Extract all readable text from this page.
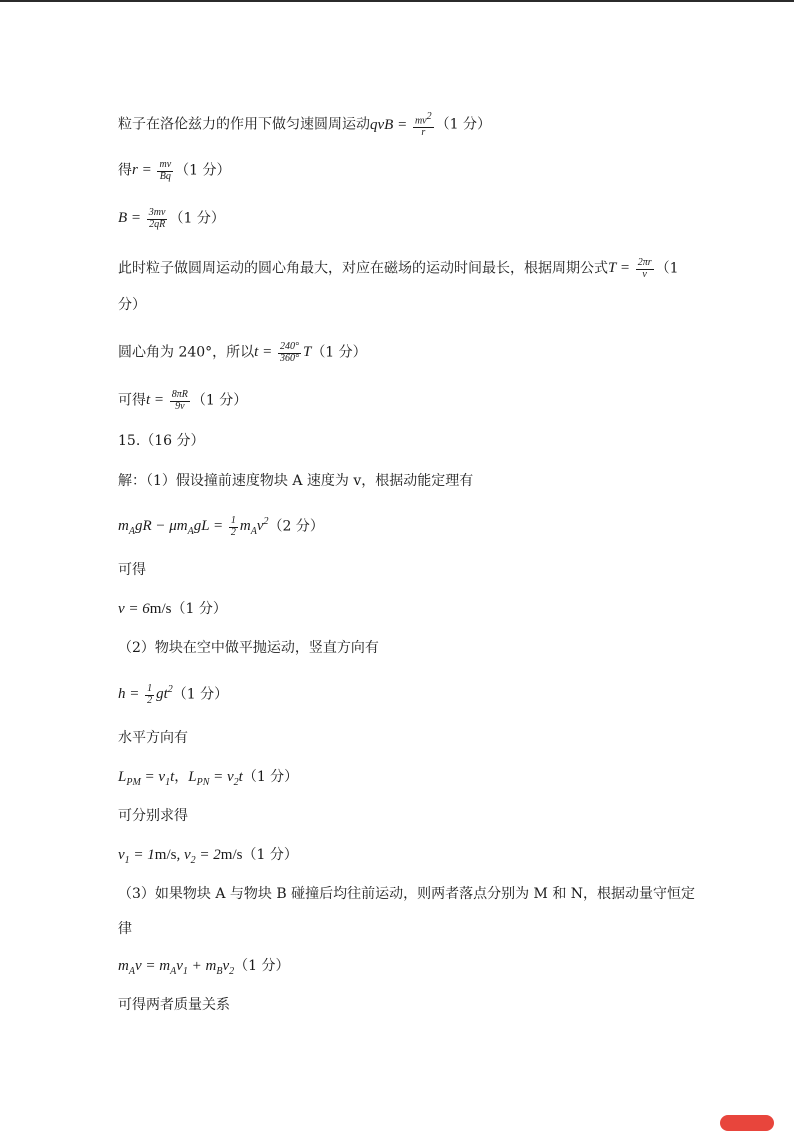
粒子在洛伦兹力的作用下做匀速圆周运动qvB = $\frac{mv^2}{r} (1$ 分）
得$r = \frac{mv}{Bq} (1$ 分）
$B = \frac{3mv}{2qR} (1$ 分）
此时粒子做圆周运动的圆心角最大，对应在磁场的运动时间最长，根据周期公式$T = \frac{2\pi r}{v} (1$
分）
圆心角为 240°，所以$t = \frac{240^\circ}{360^\circ} T(1$ 分）
可得$t = \frac{8\pi R}{9v} (1$ 分）
15.（16 分）
解：（1）假设撞前速度物块 A 速度为 v，根据动能定理有
$m_AgR - \mu m_AgL = \frac{1}{2} m_Av^2(2$ 分）
可得
v = 6m/s（1 分）
（2）物块在空中做平抛运动，竖直方向有
$h = \frac{1}{2} gt^2(1$ 分）
水平方向有
$L_{PM} = v_1t$，$L_{PN} = v_2t(1$ 分）
可分别求得
$v_1 = 1m/s$, $v_2 = 2m/s(1$ 分）
（3）如果物块 A 与物块 B 碰撞后均往前运动，则两者落点分别为 M 和 N，根据动量守恒定
律
$m_Av = m_Av_1 + m_Bv_2(1$ 分）
可得两者质量关系
